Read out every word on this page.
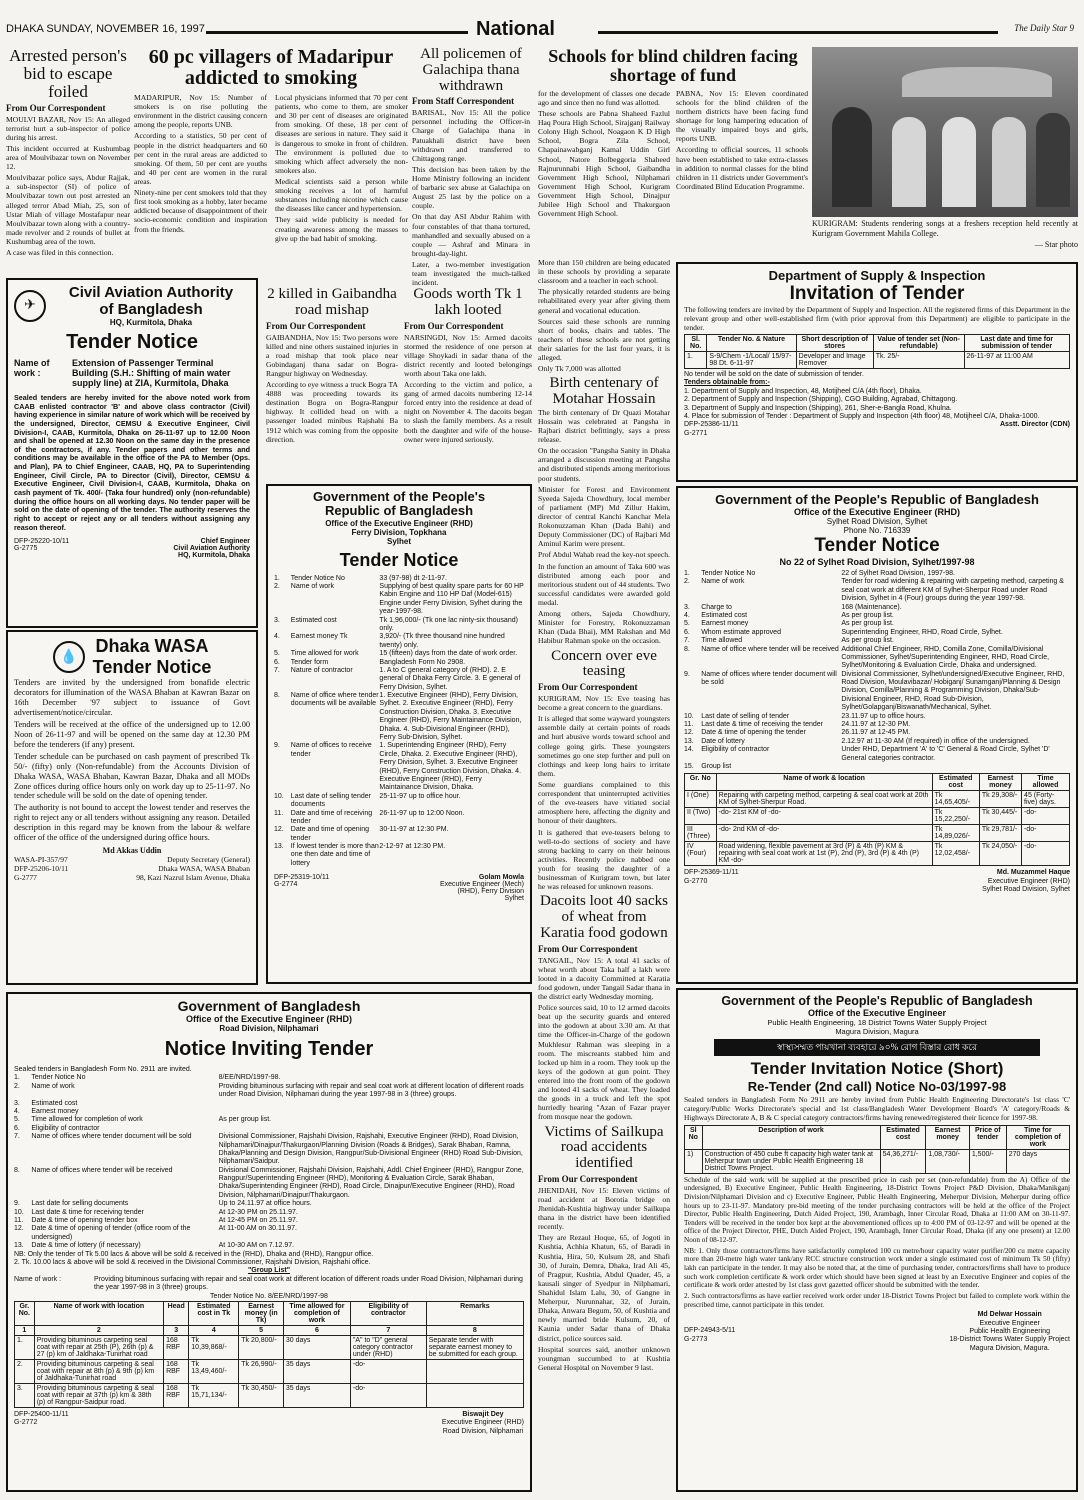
DHAKA SUNDAY, NOVEMBER 16, 1997	National	The Daily Star 9
Arrested person's bid to escape foiled
From Our Correspondent

MOULVI BAZAR, Nov 15: An alleged terrorist hurt a sub-inspector of police during his arrest.

This incident occurred at Kushumbag area of Moulvibazar town on November 12.

Moulvibazar police says, Abdur Rajjak, a sub-inspector (SI) of police of Moulvibazar town out post arrested an alleged terror Abad Miah, 25, son of Ustar Miah of village Mostafapur near Moulvibazar town along with a country-made revolver and 2 rounds of bullet at Kushumbag area of the town.

A case was filed in this connection.

60 pc villagers of Madaripur addicted to smoking

MADARIPUR, Nov 15: Number of smokers is on rise polluting the environment in the district causing concern among the people, reports UNB.

According to a statistics, 50 per cent of people in the district headquarters and 60 per cent in the rural areas are addicted to smoking. Of them, 50 per cent are youths and 40 per cent are women in the rural areas.

Ninety-nine per cent smokers told that they first took smoking as a hobby, later became addicted because of disappointment of their socio-economic condition and inspiration from the friends.

Local physicians informed that 70 per cent patients, who come to them, are smoker and 30 per cent of diseases are originated from smoking. Of these, 18 per cent of diseases are serious in nature. They said it is dangerous to smoke in front of children. The environment is polluted due to smoking which affect adversely the non-smokers also.

Medical scientists said a person while smoking receives a lot of harmful substances including nicotine which cause the diseases like cancer and hypertension.

They said wide publicity is needed for creating awareness among the masses to give up the bad habit of smoking.

All policemen of Galachipa thana withdrawn
From Staff Correspondent

BARISAL, Nov 15: All the police personnel including the Officer-in Charge of Galachipa thana in Patuakhali district have been withdrawn and transferred to Chittagong range.

This decision has been taken by the Home Ministry following an incident of barbaric sex abuse at Galachipa on August 25 last by the police on a couple.

On that day ASI Abdur Rahim with four constables of that thana tortured, manhandled and sexually abused on a couple — Ashraf and Minara in brought-day-light.

Later, a two-member investigation team investigated the much-talked incident.

Schools for blind children facing shortage of fund

for the development of classes one decade ago and since then no fund was allotted.

These schools are Pabna Shaheed Fazlul Haq Poura High School, Sirajganj Railway Colony High School, Noagaon K D High School, Bogra Zila School, Chapainawabganj Kamal Uddin Girl School, Natore Bolbeggoria Shaheed Rajnurunnabi High School, Gaibandha Government High School, Nilphamari Government High School, Kurigram Government High School, Dinajpur Jubilee High School and Thakurgaon Government High School.

PABNA, Nov 15: Eleven coordinated schools for the blind children of the northern districts have been facing fund shortage for long hampering education of the visually impaired boys and girls, reports UNB.

According to official sources, 11 schools have been established to take extra-classes in addition to normal classes for the blind children in 11 districts under Government's Coordinated Blind Education Programme.

KURIGRAM: Students rendering songs at a freshers reception held recently at Kurigram Government Mahila College.

— Star photo
✈
Civil Aviation Authority
of Bangladesh
HQ, Kurmitola, Dhaka
Tender Notice
Name of work :
Extension of Passenger Terminal Building (S.H.: Shifting of main water supply line) at ZIA, Kurmitola, Dhaka

Sealed tenders are hereby invited for the above noted work from CAAB enlisted contractor 'B' and above class contractor (Civil) having experience in similar nature of work which will be received by the undersigned, Director, CEMSU & Executive Engineer, Civil Division-I, CAAB, Kurmitola, Dhaka on 26-11-97 up to 12.00 Noon and shall be opened at 12.30 Noon on the same day in the presence of the contractors, if any. Tender papers and other terms and conditions may be available in the office of the PA to Member (Ops. and Plan), PA to Chief Engineer, CAAB, HQ, PA to Superintending Engineer, Civil Circle, PA to Director (Civil), Director, CEMSU & Executive Engineer, Civil Division-I, CAAB, Kurmitola, Dhaka on cash payment of Tk. 400/- (Taka four hundred) only (non-refundable) during the office hours on all working days. No tender paper will be sold on the date of opening of the tender. The authority reserves the right to accept or reject any or all tenders without assigning any reason thereof.

DFP-25220-10/11
G-2775
Chief Engineer
Civil Aviation Authority
HQ, Kurmitola, Dhaka
💧
Dhaka WASA
Tender Notice

Tenders are invited by the undersigned from bonafide electric decorators for illumination of the WASA Bhaban at Kawran Bazar on 16th December '97 subject to issuance of Govt advertisement/notice/circular.

Tenders will be received at the office of the undersigned up to 12.00 Noon of 26-11-97 and will be opened on the same day at 12.30 PM before the tenderers (if any) present.

Tender schedule can be purchased on cash payment of prescribed Tk 50/- (fifty) only (Non-refundable) from the Accounts Division of Dhaka WASA, WASA Bhaban, Kawran Bazar, Dhaka and all MODs Zone offices during office hours only on work day up to 25-11-97. No tender schedule will be sold on the date of opening tender.

The authority is not bound to accept the lowest tender and reserves the right to reject any or all tenders without assigning any reason. Detailed description in this regard may be known from the labour & welfare officer of the office of the undersigned during office hours.

Md Akkas Uddin
WASA-PI-357/97
DFP-25206-10/11
G-2777
Deputy Secretary (General)
Dhaka WASA, WASA Bhaban
98, Kazi Nazrul Islam Avenue, Dhaka
2 killed in Gaibandha road mishap
From Our Correspondent

GAIBANDHA, Nov 15: Two persons were killed and nine others sustained injuries in a road mishap that took place near Gobindaganj thana sadar on Bogra-Rangpur highway on Wednesday.

According to eye witness a truck Bogra TA 4888 was proceeding towards its destination Bogra on Bogra-Rangpur highway. It collided head on with a passenger loaded minibus Rajshahi Ba 1912 which was coming from the opposite direction.

Goods worth Tk 1 lakh looted
From Our Correspondent

NARSINGDI, Nov 15: Armed dacoits stormed the residence of one person at village Shoykadi in sadar thana of the district recently and looted belongings worth about Taka one lakh.

According to the victim and police, a gang of armed dacoits numbering 12-14 forced entry into the residence at dead of night on November 4. The dacoits began to slash the family members. As a result both the daughter and wife of the house-owner were injured seriously.

Government of the People's
Republic of Bangladesh
Office of the Executive Engineer (RHD)
Ferry Division, Topkhana
Sylhet
Tender Notice
1.	Tender Notice No	33 (97-98) dt 2-11-97.
2.	Name of work	Supplying of best quality spare parts for 60 HP Kabin Engine and 110 HP Daf (Model-615) Engine under Ferry Division, Sylhet during the year-1997-98.
3.	Estimated cost	Tk 1,96,000/- (Tk one lac ninty-six thousand) only.
4.	Earnest money Tk	3,920/- (Tk three thousand nine hundred twenty) only.
5.	Time allowed for work	15 (fifteen) days from the date of work order.
6.	Tender form	Bangladesh Form No 2908.
7.	Nature of contractor	1. A to C general category of (RHD). 2. E general of Dhaka Ferry Circle. 3. E general of Ferry Division, Sylhet.
8.	Name of office where tender documents will be available
1. Executive Engineer (RHD), Ferry Division, Sylhet. 2. Executive Engineer (RHD), Ferry Construction Division, Dhaka. 3. Executive Engineer (RHD), Ferry Maintainance Division, Dhaka. 4. Sub-Divisional Engineer (RHD), Ferry Sub-Division, Sylhet.
9.	Name of offices to receive tender
1. Superintending Engineer (RHD), Ferry Circle, Dhaka. 2. Executive Engineer (RHD), Ferry Division, Sylhet. 3. Executive Engineer (RHD), Ferry Construction Division, Dhaka. 4. Executive Engineer (RHD), Ferry Maintainance Division, Dhaka.
10.	Last date of selling tender documents
25-11-97 up to office hour.
11.	Date and time of receiving tender
26-11-97 up to 12:00 Noon.
12.	Date and time of opening tender
30-11-97 at 12:30 PM.
13.	If lowest tender is more than one then date and time of lottery
2-12-97 at 12:30 PM.
DFP-25319-10/11
G-2774
Golam Mowla
Executive Engineer (Mech)
(RHD), Ferry Division
Sylhet

More than 150 children are being educated in these schools by providing a separate classroom and a teacher in each school.

The physically retarded students are being rehabilitated every year after giving them general and vocational education.

Sources said these schools are running short of books, chairs and tables. The teachers of these schools are not getting their salaries for the last four years, it is alleged.

Only Tk 7,000 was allotted

Birth centenary of Motahar Hossain

The birth centenary of Dr Quazi Motahar Hossain was celebrated at Pangsha in Rajbari district befittingly, says a press release.

On the occasion "Pangsha Sanity in Dhaka arranged a discussion meeting at Pangsha and distributed stipends among meritorious poor students.

Minister for Forest and Environment Syeeda Sajeda Chowdhury, local member of parliament (MP) Md Zillur Hakim, director of central Kanchi Kanchar Mela Rokonuzzaman Khan (Dada Bahi) and Deputy Commissioner (DC) of Rajbari Md Aminul Karim were present.

Prof Abdul Wahab read the key-not speech.

In the function an amount of Taka 600 was distributed among each poor and meritorious student out of 44 students. Two successful candidates were awarded gold medal.

Among others, Sajeda Chowdhury, Minister for Forestry, Rokonuzzaman Khan (Dada Bhai), MM Rakshan and Md Habibur Rahman spoke on the occasion.

Concern over eve teasing
From Our Correspondent

KURIGRAM, Nov 15: Eve teasing has become a great concern to the guardians.

It is alleged that some wayward youngsters assemble daily at certain points of roads and hurl abusive words toward school and college going girls. These youngsters sometimes go one step further and pull on clothings and keep long hairs to irritate them.

Some guardians complained to this correspondent that uninterrupted activities of the eve-teasers have vitiated social atmosphere here, affecting the dignity and honour of their daughters.

It is gathered that eve-teasers belong to well-to-do sections of society and have strong backing to carry on their heinous activities. Recently police nabbed one youth for teasing the daughter of a businessman of Kurigram town, but later he was released for unknown reasons.

Dacoits loot 40 sacks of wheat from Karatia food godown
From Our Correspondent

TANGAIL, Nov 15: A total 41 sacks of wheat worth about Taka half a lakh were looted in a dacoity Committed at Karatia food godown, under Tangail Sadar thana in the district early Wednesday morning.

Police sources said, 10 to 12 armed dacoits beat up the security guards and entered into the godown at about 3.30 am. At that time the Officer-in-Charge of the godown Mukhlesur Rahman was sleeping in a room. The miscreants stabbed him and locked up him in a room. They took up the keys of the godown at gun point. They entered into the front room of the godown and looted 41 sacks of wheat. They loaded the goods in a truck and left the spot hurriedly hearing "Azan of Fazar prayer from mosque near the godown.

Victims of Sailkupa road accidents identified
From Our Correspondent

JHENIDAH, Nov 15: Eleven victims of road accident at Borotia bridge on Jhenidah-Kushtia highway under Sailkupa thana in the district have been identified recently.

They are Rezaul Hoque, 65, of Jogoti in Kushtia, Achhia Khatun, 65, of Baradi in Kushtia, Hira, 50, Kulsum 28, and Shafi 30, of Jurain, Demra, Dhaka, Irad Ali 45, of Pragpur, Kushtia, Abdul Quader, 45, a kausali singer of Syedpur in Nilphamari, Shahidul Islam Lalu, 30, of Gangne in Meherpur, Nurunnahar, 32, of Jurain, Dhaka, Anwara Begum, 50, of Kushtia and newly married bride Kulsum, 20, of Kaunia under Sadar thana of Dhaka district, police sources said.

Hospital sources said, another unknown youngman succumbed to at Kushtia General Hospital on November 9 last.

Department of Supply & Inspection
Invitation of Tender

The following tenders are invited by the Department of Supply and Inspection. All the registered firms of this Department in the relevant group and other well-established firm (with prior approval from this Department) are eligible to participate in the tender.

Sl. No.	Tender No. & Nature	Short description of stores	Value of tender set (Non-refundable)	Last date and time for submission of tender
1.	S-9/Chem -1/Local/ 15/97-98 Dt. 6-11-97	Developer and Image Remover	Tk. 25/-	26-11-97 at 11:00 AM
No tender will be sold on the date of submission of tender.
Tenders obtainable from:-
1. Department of Supply and Inspection, 48, Motijheel C/A (4th floor), Dhaka.
2. Department of Supply and Inspection (Shipping), CGO Building, Agrabad, Chittagong.
3. Department of Supply and Inspection (Shipping), 261, Sher-e-Bangla Road, Khulna.
4. Place for submission of Tender : Department of Supply and Inspection (4th floor) 48, Motijheel C/A, Dhaka-1000.
DFP-25386-11/11
G-2771
Asstt. Director (CDN)
Government of the People's Republic of Bangladesh
Office of the Executive Engineer (RHD)
Sylhet Road Division, Sylhet
Phone No. 716339
Tender Notice
No 22 of Sylhet Road Division, Sylhet/1997-98
1.	Tender Notice No	22 of Sylhet Road Division, 1997-98.
2.	Name of work	Tender for road widening & repairing with carpeting method, carpeting & seal coat work at different KM of Sylhet-Sherpur Road under Road Division, Sylhet in 4 (Four) groups during the year 1997-98.
3.	Charge to	168 (Maintenance).
4.	Estimated cost	As per group list.
5.	Earnest money	As per group list.
6.	Whom estimate approved	Superintending Engineer, RHD, Road Circle, Sylhet.
7.	Time allowed	As per group list.
8.	Name of office where tender will be received Additional Chief Engineer, RHD, Comilla Zone, Comilla/Divisional Commissioner, Sylhet/Superintending Engineer, RHD, Road Circle, Sylhet/Monitoring & Evaluation Circle, Dhaka and undersigned.
9.	Name of offices where tender document will be sold
Divisional Commissioner, Sylhet/undersigned/Executive Engineer, RHD, Road Division, Moulavibazar/ Hobiganj/ Sunamganj/Planning & Design Division, Comilla/Planning & Programming Division, Dhaka/Sub-Divisional Engineer, RHD, Road Sub-Division, Sylhet/Golapganj/Biswanath/Mechanical, Sylhet.
10.	Last date of selling of tender	23.11.97 up to office hours.
11.	Last date & time of receiving the tender	24.11.97 at 12-30 PM.
12.	Date & time of opening the tender	26.11.97 at 12-45 PM.
13.	Date of lottery	2.12.97 at 11-30 AM (If required) in office of the undersigned.
14.	Eligibility of contractor	Under RHD, Department 'A' to 'C' General & Road Circle, Sylhet 'D' General categories contractor.
15.	Group list
Gr. No	Name of work & location	Estimated cost	Earnest money	Time allowed
I (One)	Repairing with carpeting method, carpeting & seal coat work at 20th KM of Sylhet-Sherpur Road.	Tk 14,65,405/-	Tk 29,308/-	45 (Forty-five) days.
II (Two)	-do- 21st KM of -do-	Tk 15,22,250/-	Tk 30,445/-	-do-
III (Three)	-do- 2nd KM of -do-	Tk 14,89,026/-	Tk 29,781/-	-do-
IV (Four)	Road widening, flexible pavement at 3rd (P) & 4th (P) KM & repairing with seal coat work at 1st (P), 2nd (P), 3rd (P) & 4th (P) KM -do-	Tk 12,02,458/-	Tk 24,050/-	-do-
DFP-25369-11/11
G-2770
Md. Muzammel Haque
Executive Engineer (RHD)
Sylhet Road Division, Sylhet
Government of Bangladesh
Office of the Executive Engineer (RHD)
Road Division, Nilphamari
Notice Inviting Tender
Sealed tenders in Bangladesh Form No. 2911 are invited.
1.	Tender Notice No	8/EE/NRD/1997-98.
2.	Name of work	Providing bituminous surfacing with repair and seal coat work at different location of different roads under Road Division, Nilphamari during the year 1997-98 in 3 (three) groups.
3.	Estimated cost
4.	Earnest money
5.	Time allowed for completion of work	As per group list.
6.	Eligibility of contractor
7.	Name of offices where tender document will be sold	Divisional Commissioner, Rajshahi Division, Rajshahi, Executive Engineer (RHD), Road Division, Nilphamari/Dinajpur/Thakurgaon/Planning Division (Roads & Bridges), Sarak Bhaban, Ramna, Dhaka/Planning and Design Division, Rangpur/Sub-Divisional Engineer (RHD) Road Sub-Division, Nilphamari/Saidpur.
8.	Name of offices where tender will be received	Divisional Commissioner, Rajshahi Division, Rajshahi, Addl. Chief Engineer (RHD), Rangpur Zone, Rangpur/Superintending Engineer (RHD), Monitoring & Evaluation Circle, Sarak Bhaban, Dhaka/Superintending Engineer (RHD), Road Circle, Dinajpur/Executive Engineer (RHD), Road Division, Nilphamari/Dinajpur/Thakurgaon.
9.	Last date for selling documents	Up to 24.11.97 at office hours.
10.	Last date & time for receiving tender	At 12-30 PM on 25.11.97.
11.	Date & time of opening tender box	At 12-45 PM on 25.11.97.
12.	Date & time of opening of tender (office room of the undersigned)
At 11-00 AM on 30.11.97.
13.	Date & time of lottery (if necessary)	At 10-30 AM on 7.12.97.
NB: Only the tender of Tk 5.00 lacs & above will be sold & received in the (RHD), Dhaka and (RHD), Rangpur office.
2. Tk. 10.00 lacs & above will be sold & received in the Divisional Commissioner, Rajshahi Division, Rajshahi office.
"Group List"
Name of work :	Providing bituminous surfacing with repair and seal coat work at different location of different roads under Road Division, Nilphamari during the year 1997-98 in 3 (three) groups.
Tender Notice No. 8/EE/NRD/1997-98
Gr. No.	Name of work with location	Head	Estimated cost in Tk	Earnest money (in Tk)	Time allowed for completion of work	Eligibility of contractor	Remarks
1	2	3	4	5	6	7	8
1.	Providing bituminous carpeting seal coat with repair at 25th (P), 26th (p) & 27 (p) km of Jaldhaka-Tunirhat road	168 RBF	Tk 10,39,868/-	Tk 20,800/-	30 days	"A" to "D" general category contractor under (RHD)	Separate tender with separate earnest money to be submitted for each group.
2.	Providing bituminous carpeting & seal coat with repair at 8th (p) & 9th (p) km of Jaldhaka-Tunirhat road	168 RBF	Tk 13,49,460/-	Tk 26,990/-	35 days	-do-	
3.	Providing bituminous carpeting & seal coat with repair at 37th (p) km & 38th (p) of Rangpur-Saidpur road.	168 RBF	Tk 15,71,134/-	Tk 30,450/-	35 days	-do-	
DFP-25400-11/11
G-2772
Biswajit Dey
Executive Engineer (RHD)
Road Division, Nilphamari
Government of the People's Republic of Bangladesh
Office of the Executive Engineer
Public Health Engineering, 18 District Towns Water Supply Project
Magura Division, Magura
স্বাস্থ্যসম্মত পায়খানা ব্যবহারে ৯০% রোগ বিস্তার রোধ করে
Tender Invitation Notice (Short)
Re-Tender (2nd call) Notice No-03/1997-98

Sealed tenders in Bangladesh Form No 2911 are hereby invited from Public Health Engineering Directorate's 1st class 'C' category/Public Works Directorate's special and 1st class/Bangladesh Water Development Board's 'A' category/Roads & Highways Directorate A, B & C special category contractors/firms having renewed/registered their licence for 1997-98.

Sl No	Description of work	Estimated cost	Earnest money	Price of tender	Time for completion of work
1)	Construction of 450 cube ft capacity high water tank at Meherpur town under Public Health Engineering 18 District Towns Project.	54,36,271/-	1,08,730/-	1,500/-	270 days

Schedule of the said work will be supplied at the prescribed price in cash per set (non-refundable) from the A) Office of the undersigned, B) Executive Engineer, Public Health Engineering, 18-District Towns Project P&D Division, Dhaka/Manikganj Division/Nilphamari Division and c) Executive Engineer, Public Health Engineering, Meherpur Division, Meherpur during office hours up to 23-11-97. Mandatory pre-bid meeting of the tender purchasing contractors will be held at the office of the Project Director, Public Health Engineering, Dutch Aided Project, 190, Arambagh, Inner Circular Road, Dhaka at 11:00 AM on 30-11-97. Tenders will be received in the tender box kept at the abovementioned offices up to 4:00 PM of 03-12-97 and will be opened at the office of the Project Director, PHE, Dutch Aided Project, 190, Arambagh, Inner Circular Road, Dhaka (if any one present) at 12.00 Noon of 08-12-97.

NB: 1. Only those contractors/firms have satisfactorily completed 100 cu metre/hour capacity water purifier/200 cu metre capacity more than 20-metre high water tank/any RCC structure construction work under a single estimated cost of minimum Tk 50 (fifty) lakh can participate in the tender. It may also be noted that, at the time of purchasing tender, contractors/firms shall have to produce such work completion certificate & work order which should have been signed at least by an Executive Engineer and copies of the certificate & work order attested by 1st class govt gazetted officer should be submitted with the tender.

2. Such contractors/firms as have earlier received work order under 18-District Towns Project but failed to complete work within the prescribed time, cannot participate in this tender.

DFP-24943-5/11
G-2773
Md Delwar Hossain
Executive Engineer
Public Health Engineering
18-District Towns Water Supply Project
Magura Division, Magura.
